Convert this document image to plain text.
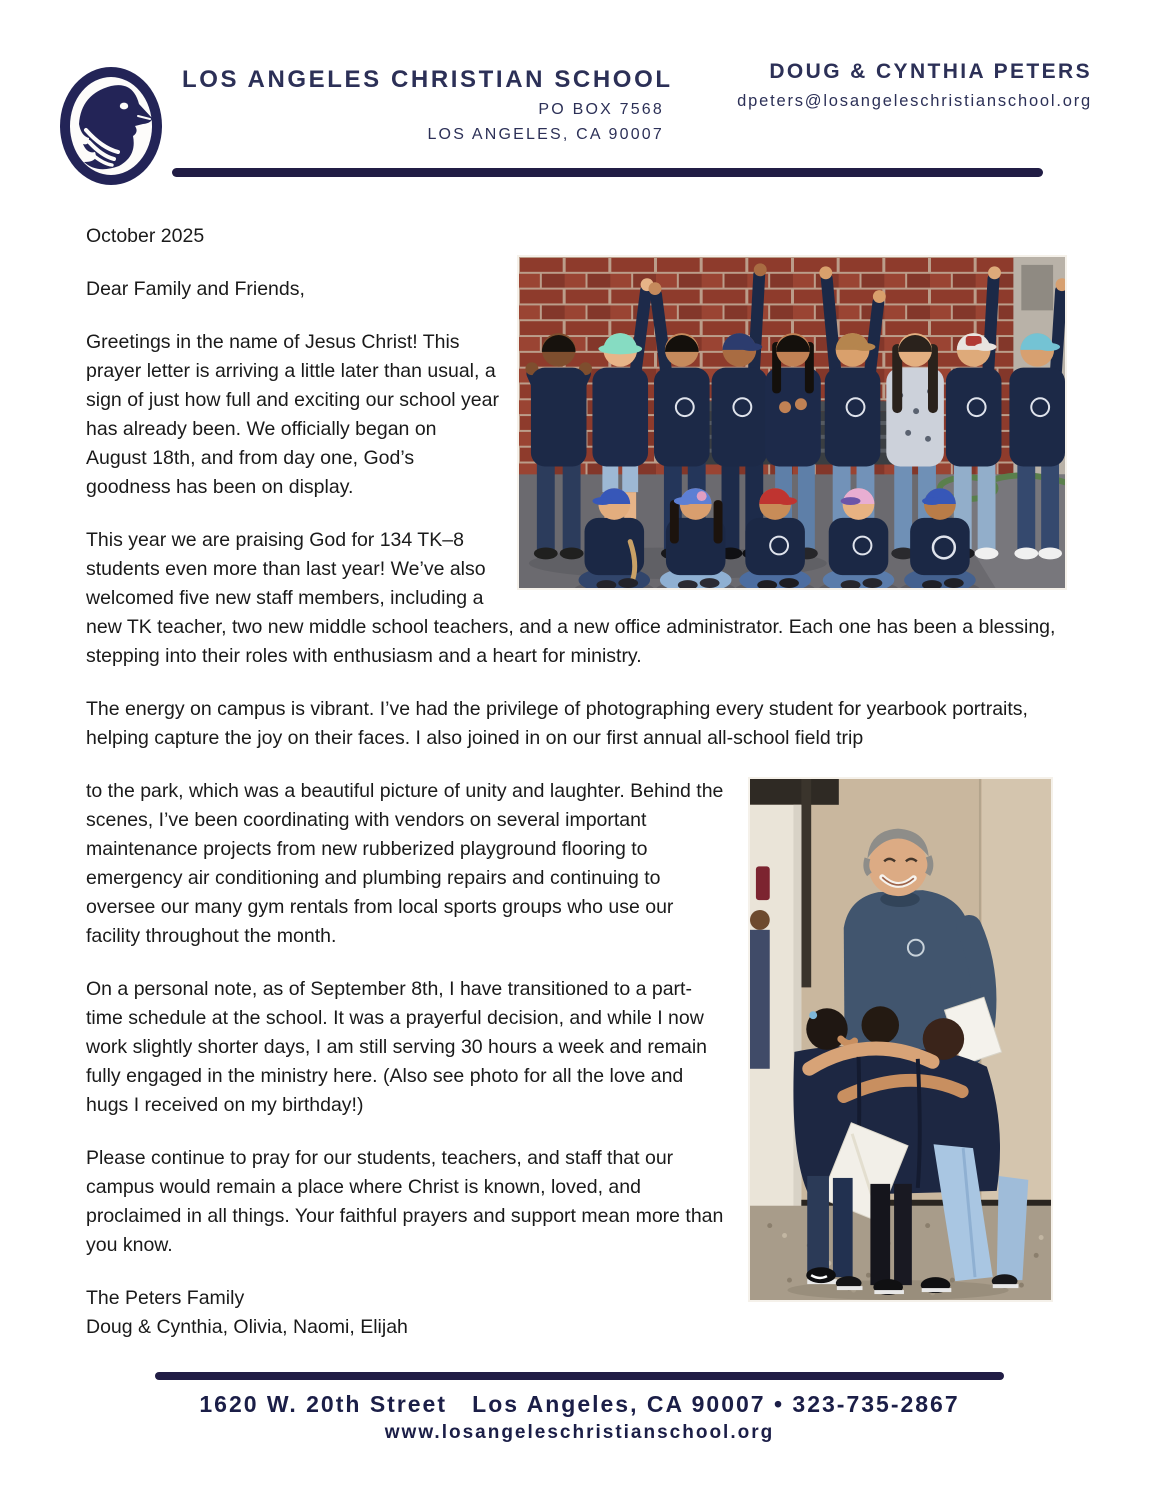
LOS ANGELES CHRISTIAN SCHOOL
PO BOX 7568
LOS ANGELES, CA 90007
DOUG & CYNTHIA PETERS
dpeters@losangeleschristianschool.org

October 2025

Dear Family and Friends,

Greetings in the name of Jesus Christ! This prayer letter is arriving a little later than usual, a sign of just how full and exciting our school year has already been. We officially began on August 18th, and from day one, God’s goodness has been on display.

This year we are praising God for 134 TK–8 students even more than last year! We’ve also welcomed five new staff members, including a new TK teacher, two new middle school teachers, and a new office administrator. Each one has been a blessing, stepping into their roles with enthusiasm and a heart for ministry.

The energy on campus is vibrant. I’ve had the privilege of photographing every student for yearbook portraits, helping capture the joy on their faces. I also joined in on our first annual all-school field trip

to the park, which was a beautiful picture of unity and laughter. Behind the scenes, I’ve been coordinating with vendors on several important maintenance projects from new rubberized playground flooring to emergency air conditioning and plumbing repairs and continuing to oversee our many gym rentals from local sports groups who use our facility throughout the month.

On a personal note, as of September 8th, I have transitioned to a part-time schedule at the school. It was a prayerful decision, and while I now work slightly shorter days, I am still serving 30 hours a week and remain fully engaged in the ministry here. (Also see photo for all the love and hugs I received on my birthday!)

Please continue to pray for our students, teachers, and staff that our campus would remain a place where Christ is known, loved, and proclaimed in all things. Your faithful prayers and support mean more than you know.

The Peters Family

Doug & Cynthia, Olivia, Naomi, Elijah

1620 W. 20th Street   Los Angeles, CA 90007 • 323-735-2867
www.losangeleschristianschool.org
